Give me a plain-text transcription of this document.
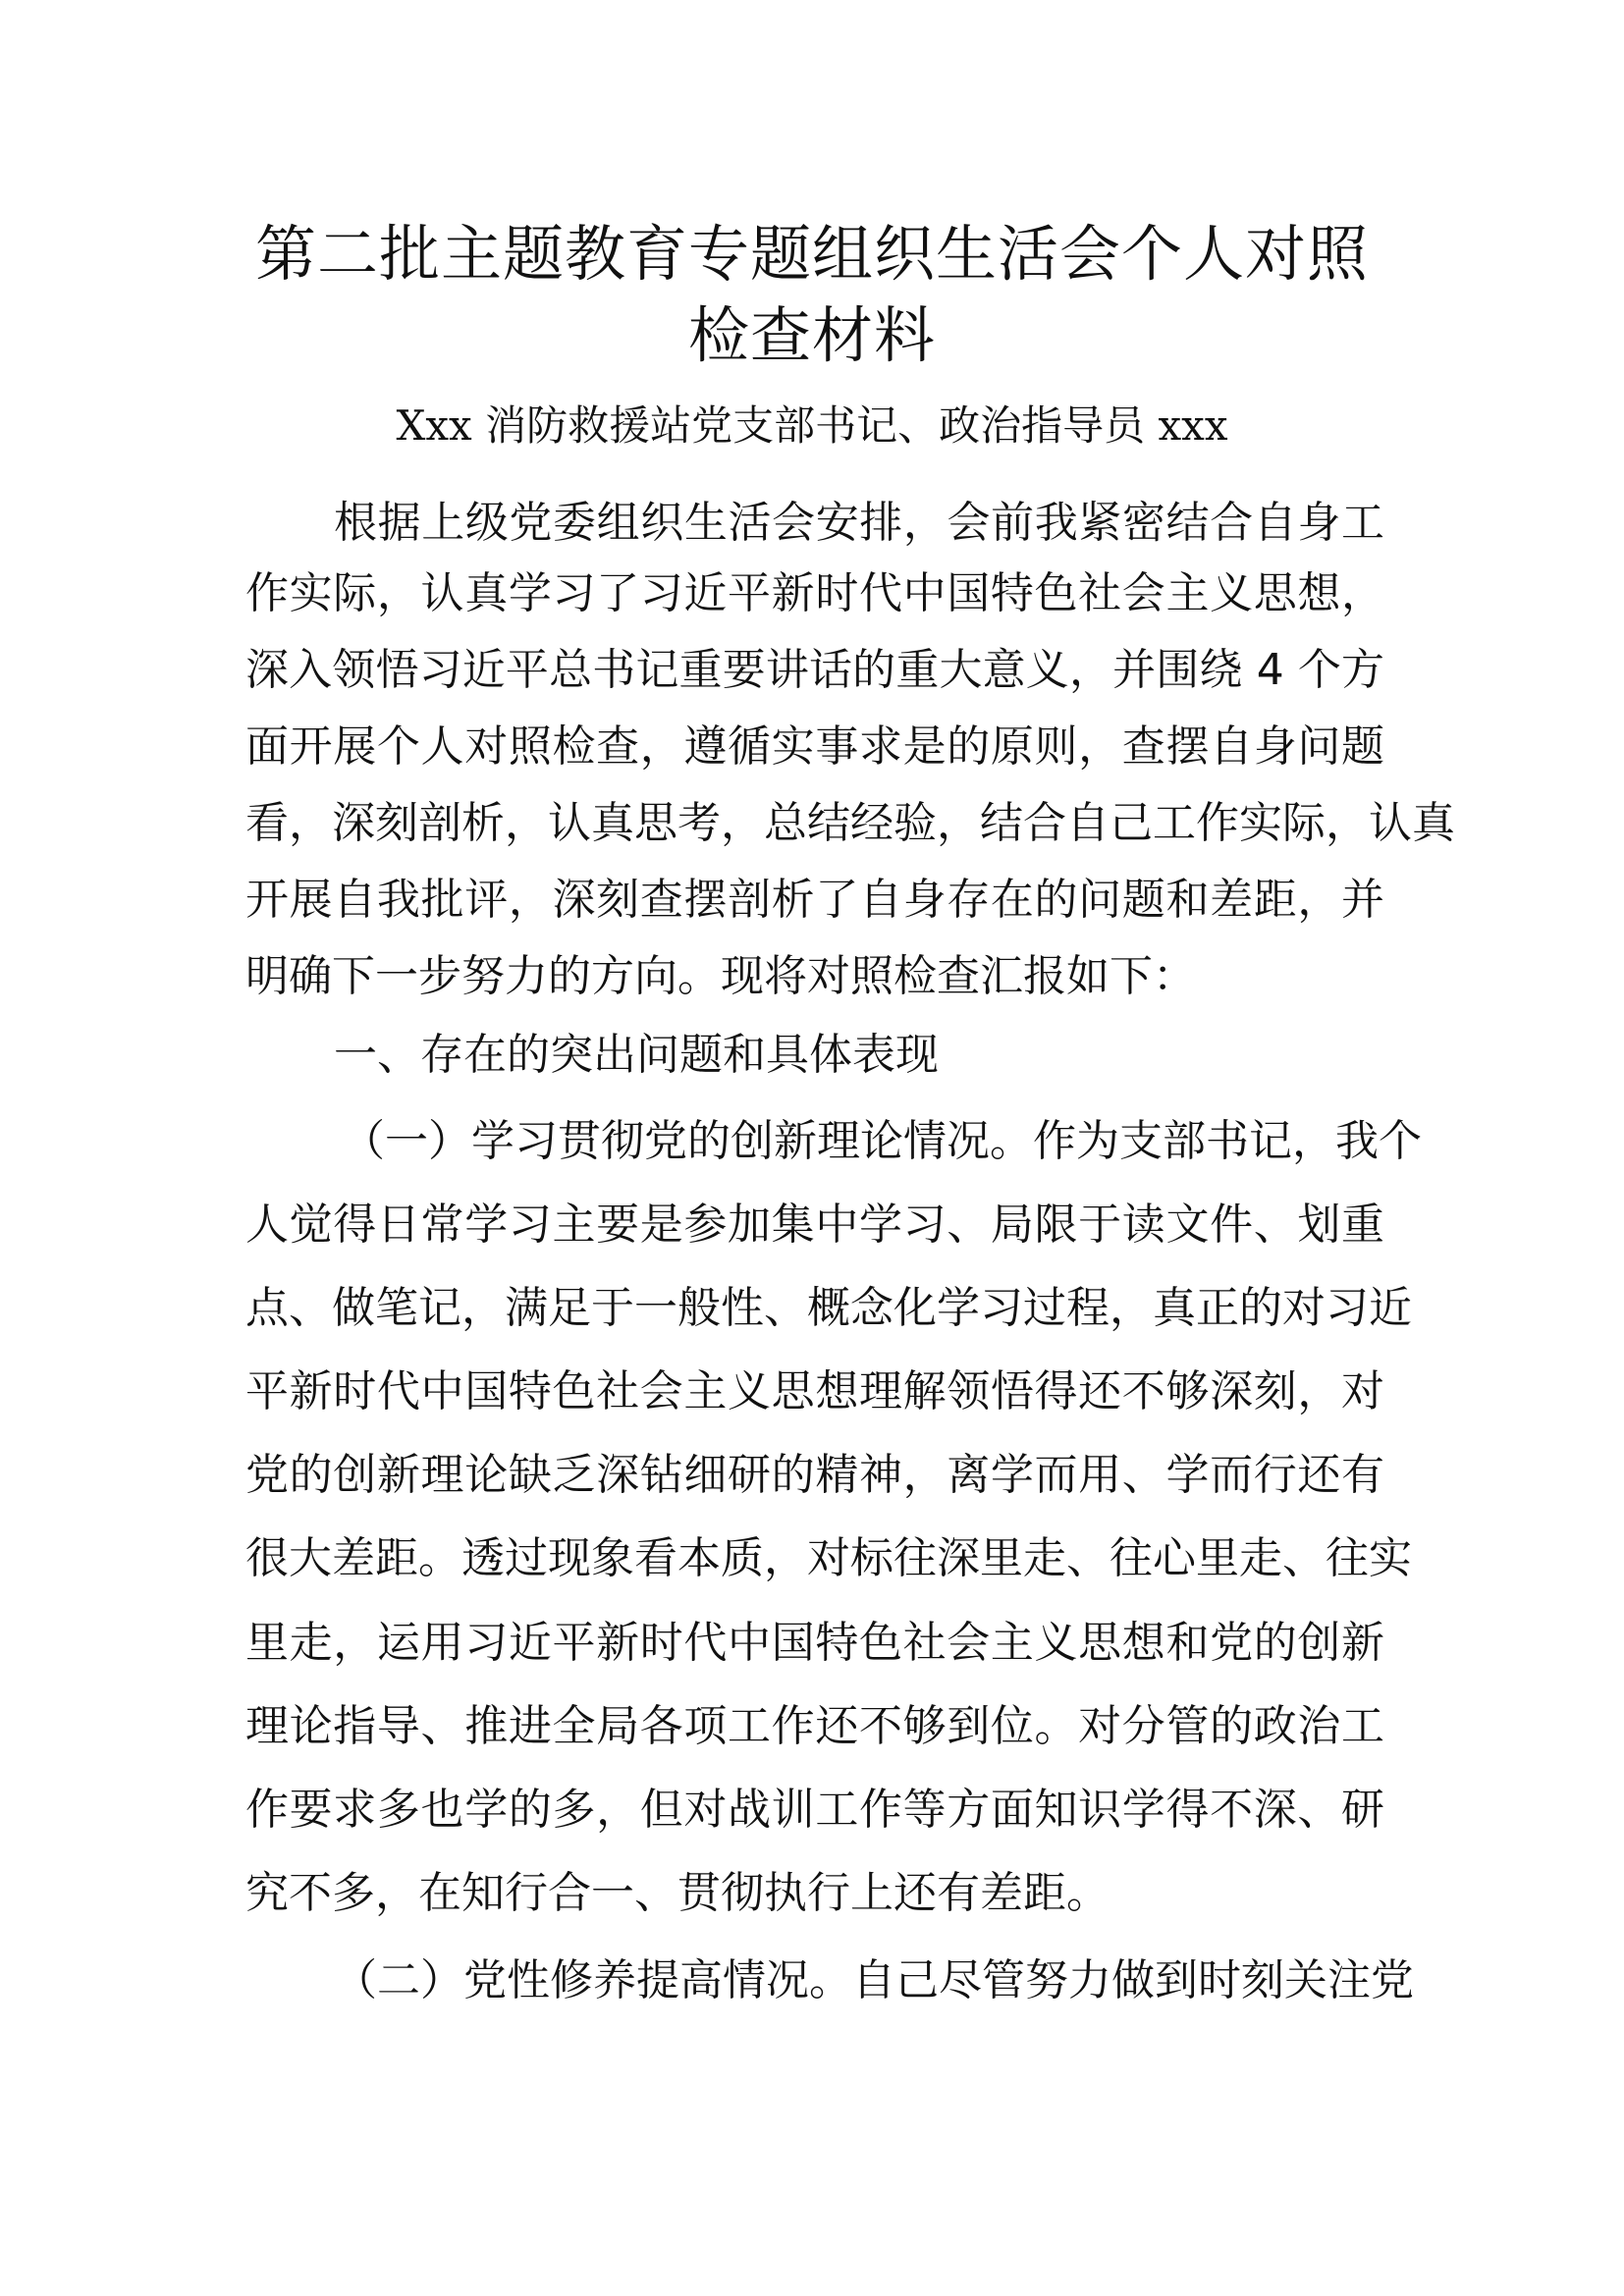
第二批主题教育专题组织生活会个人对照
检查材料

Xxx 消防救援站党支部书记、政治指导员 xxx

根据上级党委组织生活会安排，会前我紧密结合自身工

作实际，认真学习了习近平新时代中国特色社会主义思想，

深入领悟习近平总书记重要讲话的重大意义，并围绕 4 个方

面开展个人对照检查，遵循实事求是的原则，查摆自身问题

看，深刻剖析，认真思考，总结经验，结合自己工作实际，认真

开展自我批评，深刻查摆剖析了自身存在的问题和差距，并

明确下一步努力的方向。现将对照检查汇报如下：

一、存在的突出问题和具体表现

（一）学习贯彻党的创新理论情况。作为支部书记，我个

人觉得日常学习主要是参加集中学习、局限于读文件、划重

点、做笔记，满足于一般性、概念化学习过程，真正的对习近

平新时代中国特色社会主义思想理解领悟得还不够深刻，对

党的创新理论缺乏深钻细研的精神，离学而用、学而行还有

很大差距。透过现象看本质，对标往深里走、往心里走、往实

里走，运用习近平新时代中国特色社会主义思想和党的创新

理论指导、推进全局各项工作还不够到位。对分管的政治工

作要求多也学的多，但对战训工作等方面知识学得不深、研

究不多，在知行合一、贯彻执行上还有差距。

（二）党性修养提高情况。自己尽管努力做到时刻关注党
